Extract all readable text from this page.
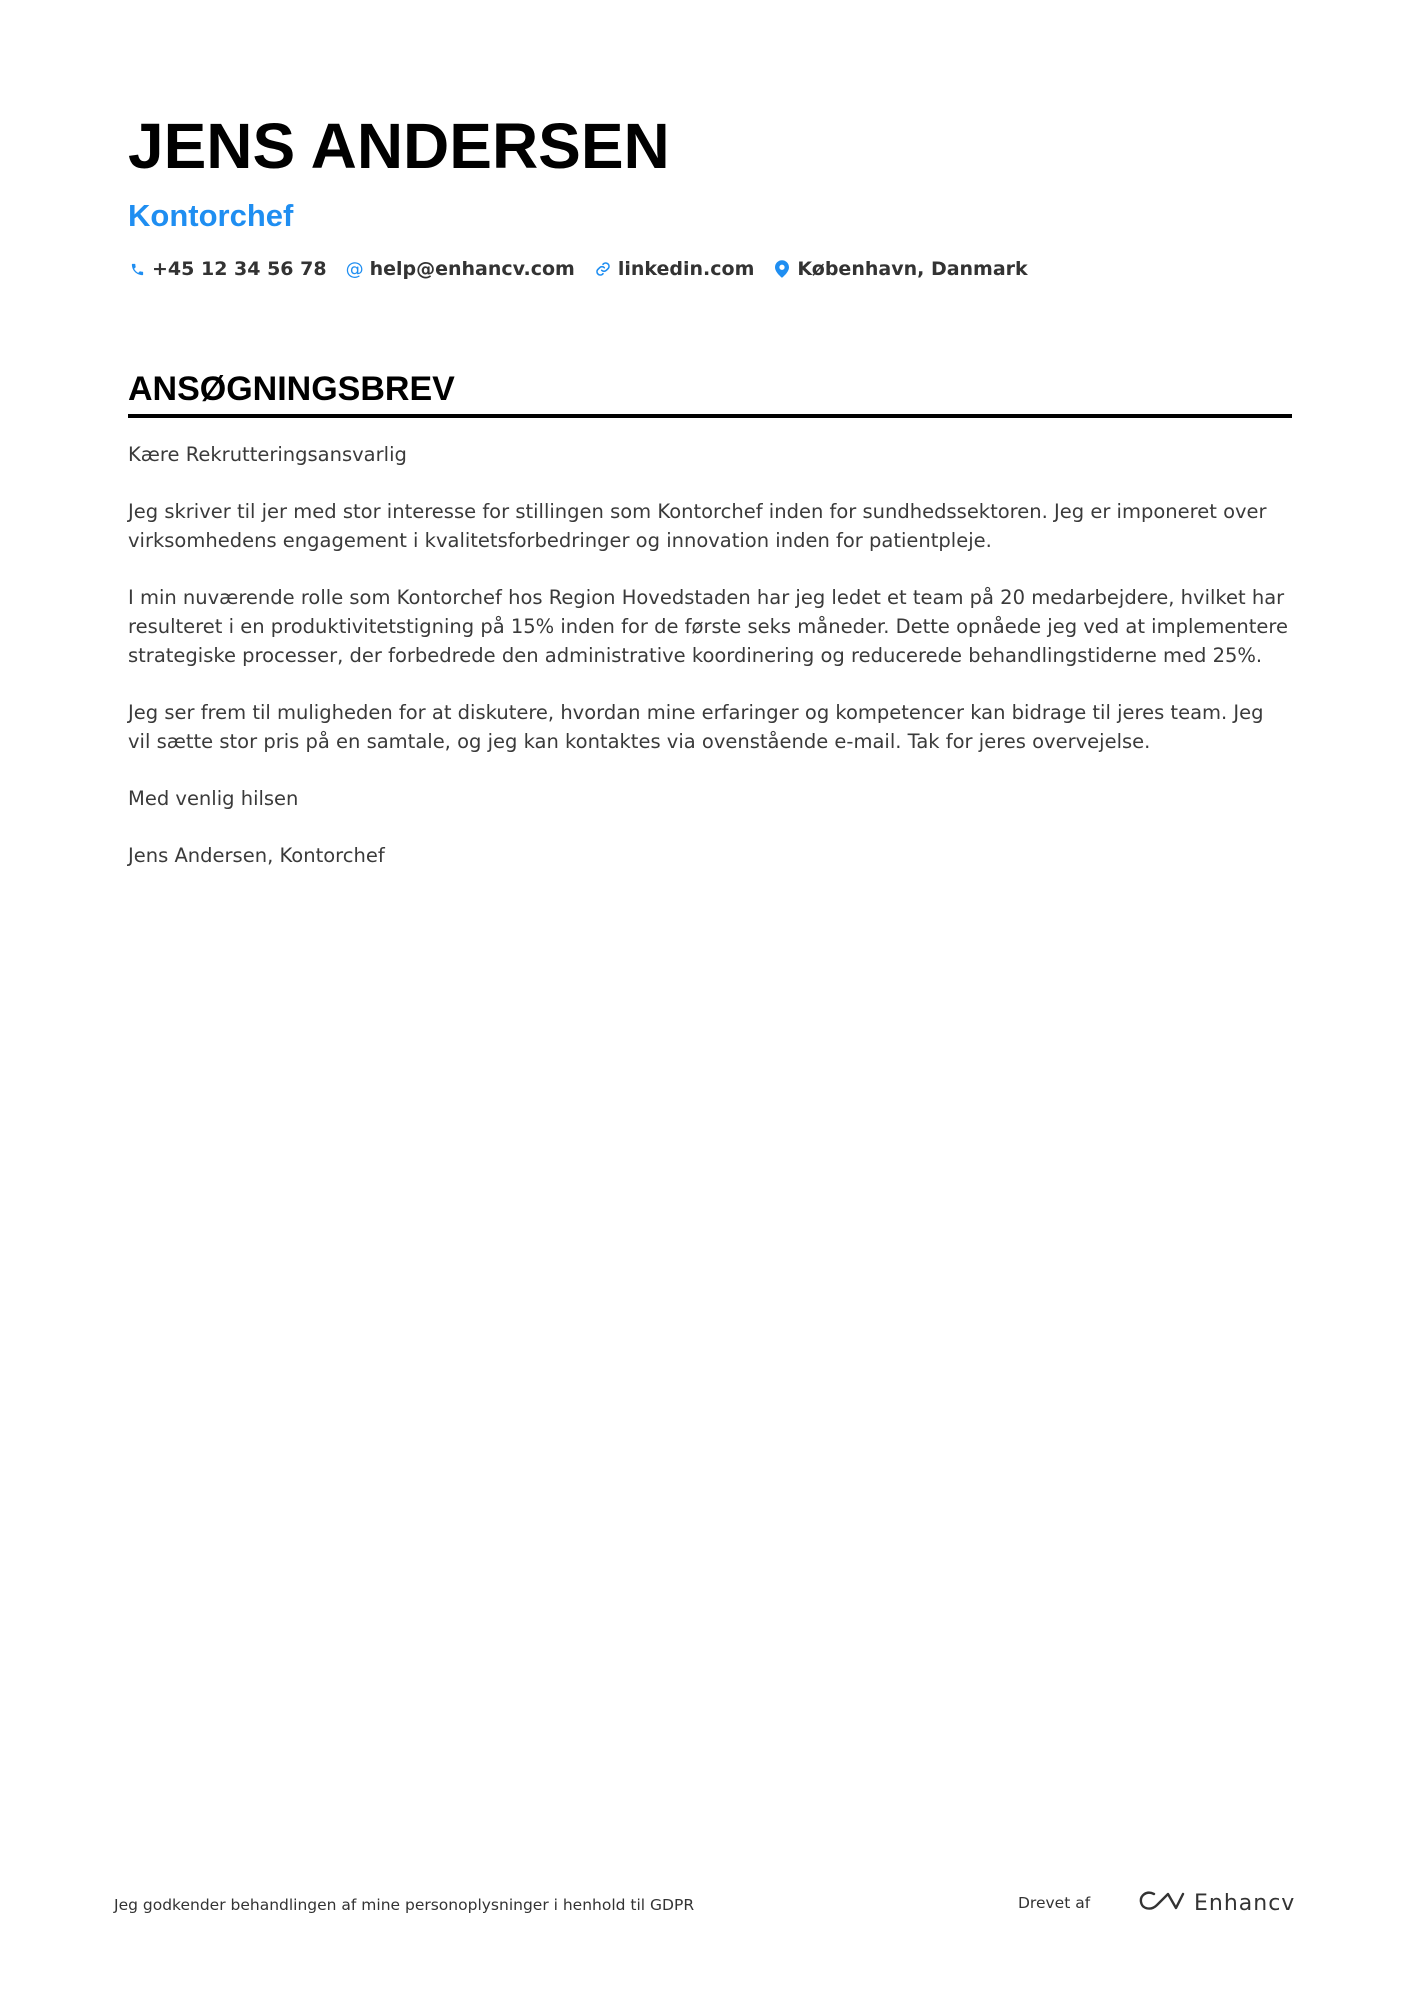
JENS ANDERSEN
Kontorchef
+45 12 34 56 78 @ help@enhancv.com linkedin.com København, Danmark
ANSØGNINGSBREV

Kære Rekrutteringsansvarlig

Jeg skriver til jer med stor interesse for stillingen som Kontorchef inden for sundhedssektoren. Jeg er imponeret over virksomhedens engagement i kvalitetsforbedringer og innovation inden for patientpleje.

I min nuværende rolle som Kontorchef hos Region Hovedstaden har jeg ledet et team på 20 medarbejdere, hvilket har resulteret i en produktivitetstigning på 15% inden for de første seks måneder. Dette opnåede jeg ved at implementere strategiske processer, der forbedrede den administrative koordinering og reducerede behandlingstiderne med 25%.

Jeg ser frem til muligheden for at diskutere, hvordan mine erfaringer og kompetencer kan bidrage til jeres team. Jeg vil sætte stor pris på en samtale, og jeg kan kontaktes via ovenstående e-mail. Tak for jeres overvejelse.

Med venlig hilsen

Jens Andersen, Kontorchef

Jeg godkender behandlingen af mine personoplysninger i henhold til GDPR	Drevet af	Enhancv
